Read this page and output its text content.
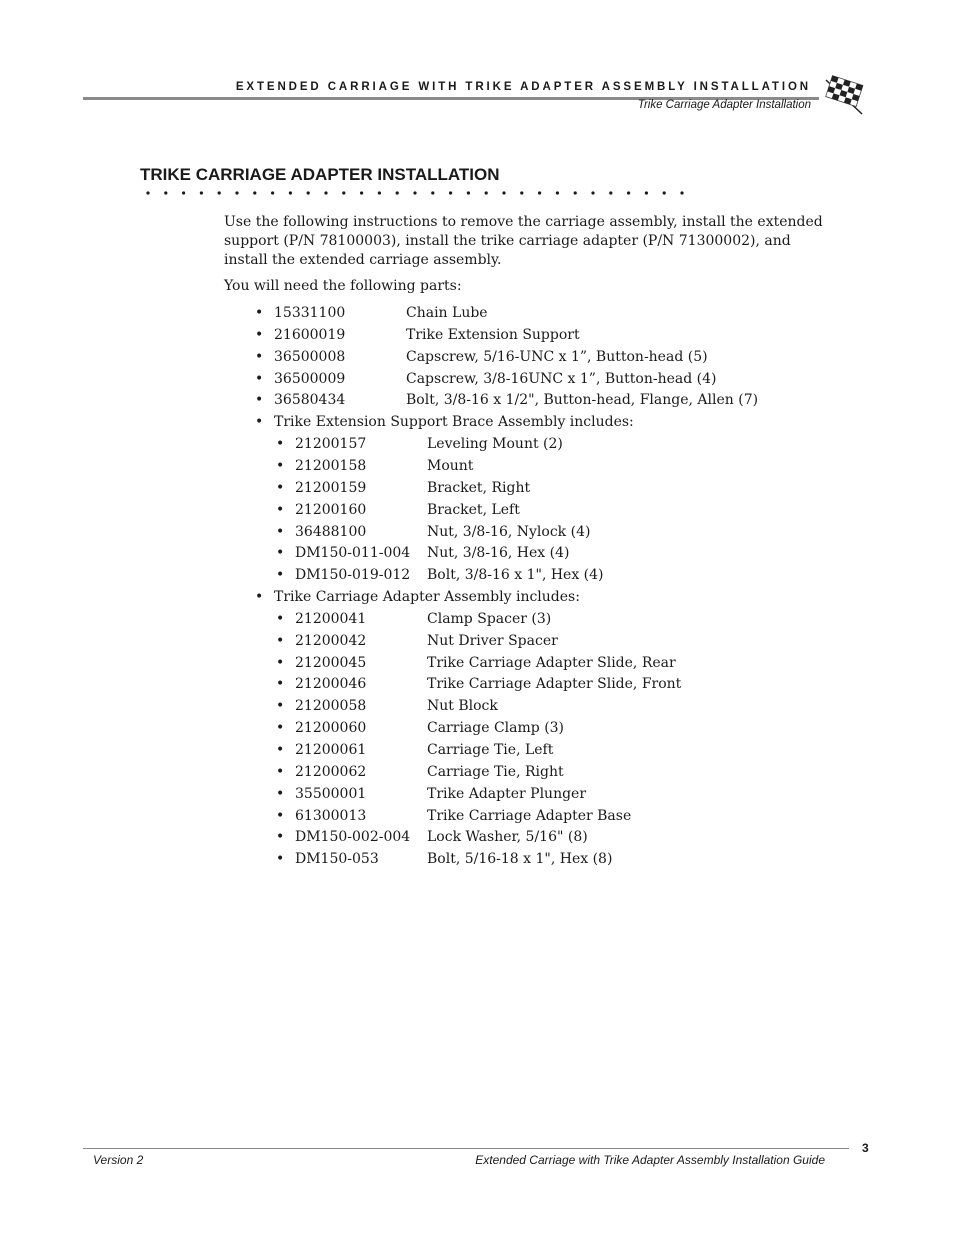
EXTENDED CARRIAGE WITH TRIKE ADAPTER ASSEMBLY INSTALLATION
Trike Carriage Adapter Installation
TRIKE CARRIAGE ADAPTER INSTALLATION

Use the following instructions to remove the carriage assembly, install the extended support (P/N 78100003), install the trike carriage adapter (P/N 71300002), and install the extended carriage assembly.

You will need the following parts:

• 15331100	Chain Lube
• 21600019	Trike Extension Support
• 36500008	Capscrew, 5/16-UNC x 1”, Button-head (5)
• 36500009	Capscrew, 3/8-16UNC x 1”, Button-head (4)
• 36580434	Bolt, 3/8-16 x 1/2", Button-head, Flange, Allen (7)
• Trike Extension Support Brace Assembly includes:
• 21200157	Leveling Mount (2)
• 21200158	Mount
• 21200159	Bracket, Right
• 21200160	Bracket, Left
• 36488100	Nut, 3/8-16, Nylock (4)
• DM150-011-004 Nut, 3/8-16, Hex (4)
• DM150-019-012 Bolt, 3/8-16 x 1", Hex (4)
• Trike Carriage Adapter Assembly includes:
• 21200041	Clamp Spacer (3)
• 21200042	Nut Driver Spacer
• 21200045	Trike Carriage Adapter Slide, Rear
• 21200046	Trike Carriage Adapter Slide, Front
• 21200058	Nut Block
• 21200060	Carriage Clamp (3)
• 21200061	Carriage Tie, Left
• 21200062	Carriage Tie, Right
• 35500001	Trike Adapter Plunger
• 61300013	Trike Carriage Adapter Base
• DM150-002-004 Lock Washer, 5/16" (8)
• DM150-053	Bolt, 5/16-18 x 1", Hex (8)
Version 2	Extended Carriage with Trike Adapter Assembly Installation Guide
3
